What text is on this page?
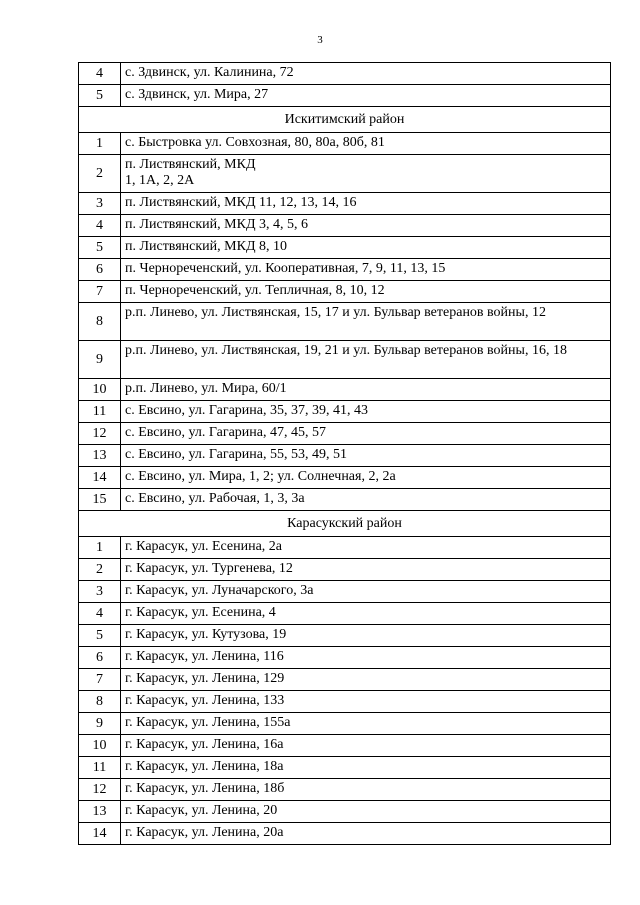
3
4	с. Здвинск, ул. Калинина, 72
5	с. Здвинск, ул. Мира, 27
Искитимский район	
1	с. Быстровка ул. Совхозная, 80, 80а, 80б, 81
2	п. Листвянский, МКД
1, 1А, 2, 2А
3	п. Листвянский, МКД 11, 12, 13, 14, 16
4	п. Листвянский, МКД 3, 4, 5, 6
5	п. Листвянский, МКД 8, 10
6	п. Чернореченский, ул. Кооперативная, 7, 9, 11, 13, 15
7	п. Чернореченский, ул. Тепличная, 8, 10, 12
8	р.п. Линево, ул. Листвянская, 15, 17 и ул. Бульвар ветеранов войны, 12
9	р.п. Линево, ул. Листвянская, 19, 21 и ул. Бульвар ветеранов войны, 16, 18
10	р.п. Линево, ул. Мира, 60/1
11	с. Евсино, ул. Гагарина, 35, 37, 39, 41, 43
12	с. Евсино, ул. Гагарина, 47, 45, 57
13	с. Евсино, ул. Гагарина, 55, 53, 49, 51
14	с. Евсино, ул. Мира, 1, 2; ул. Солнечная, 2, 2а
15	с. Евсино, ул. Рабочая, 1, 3, 3а
Карасукский район	
1	г. Карасук, ул. Есенина, 2а
2	г. Карасук, ул. Тургенева, 12
3	г. Карасук, ул. Луначарского, 3а
4	г. Карасук, ул. Есенина, 4
5	г. Карасук, ул. Кутузова, 19
6	г. Карасук, ул. Ленина, 116
7	г. Карасук, ул. Ленина, 129
8	г. Карасук, ул. Ленина, 133
9	г. Карасук, ул. Ленина, 155а
10	г. Карасук, ул. Ленина, 16а
11	г. Карасук, ул. Ленина, 18а
12	г. Карасук, ул. Ленина, 18б
13	г. Карасук, ул. Ленина, 20
14	г. Карасук, ул. Ленина, 20а
